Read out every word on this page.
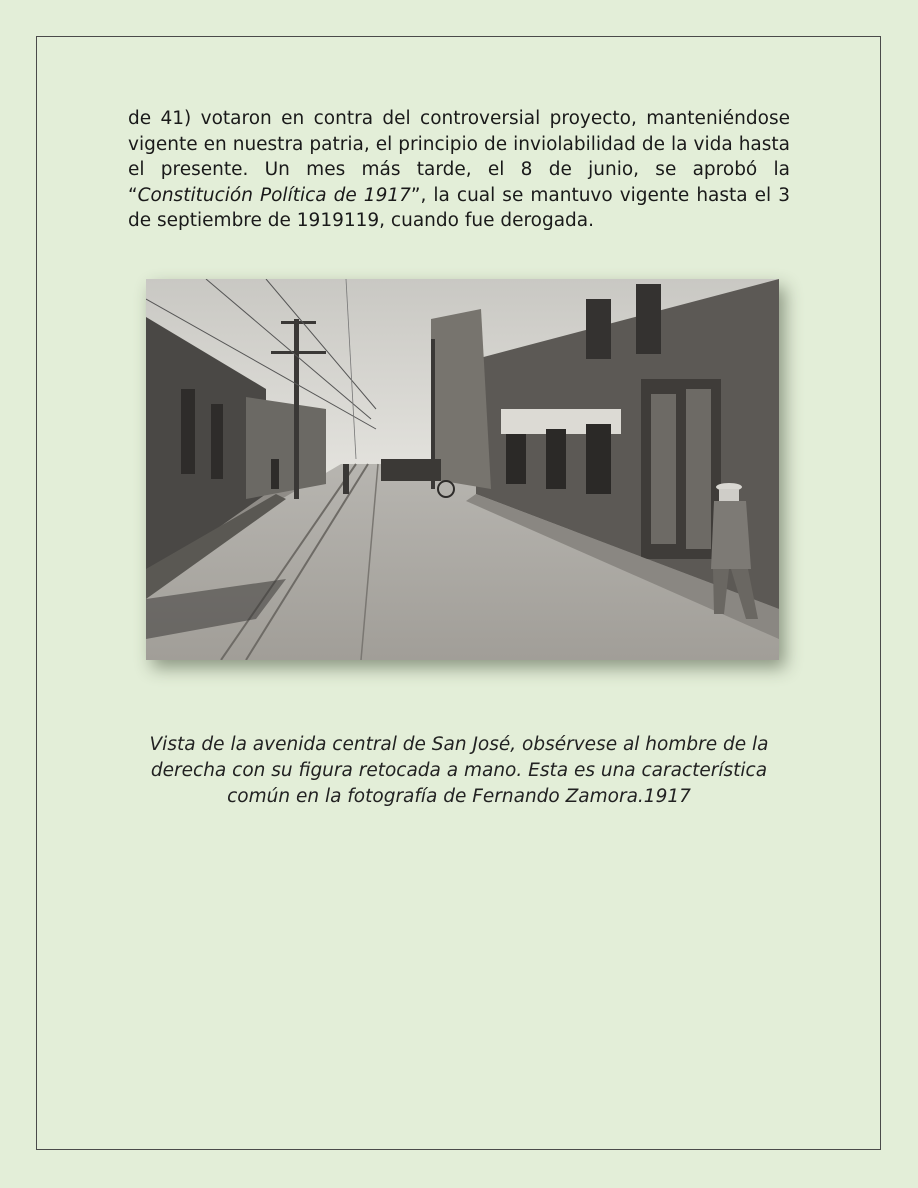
de 41) votaron en contra del controversial proyecto, manteniéndose vigente en nuestra patria, el principio de inviolabilidad de la vida hasta el presente. Un mes más tarde, el 8 de junio, se aprobó la “Constitución Política de 1917”, la cual se mantuvo vigente hasta el 3 de septiembre de 1919119, cuando fue derogada.

Vista de la avenida central de San José, obsérvese al hombre de la derecha con su figura retocada a mano. Esta es una característica común en la fotografía de Fernando Zamora.1917
